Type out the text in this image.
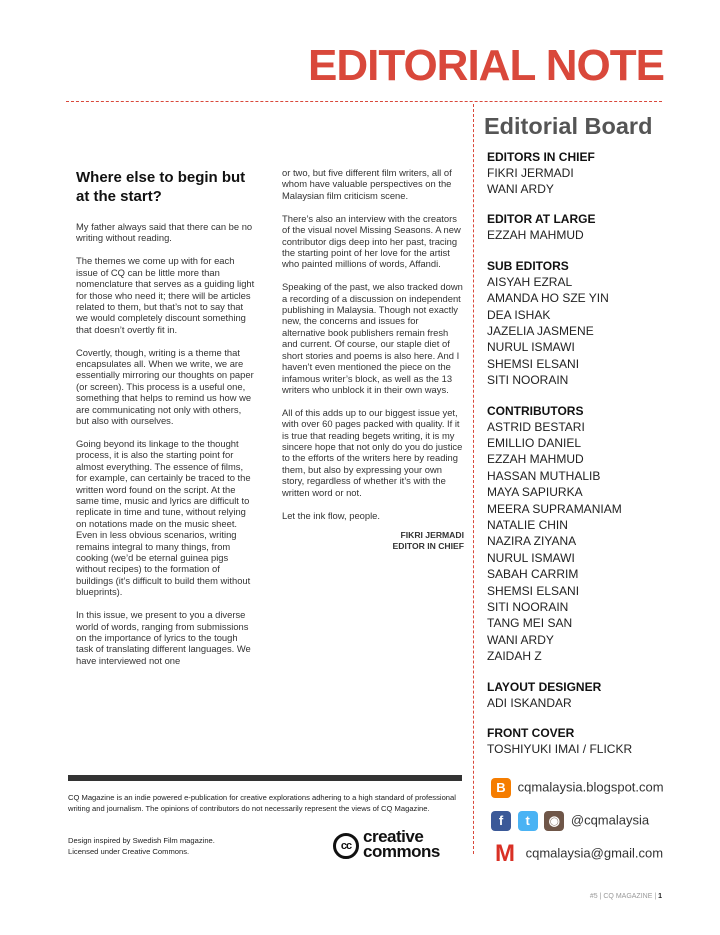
EDITORIAL NOTE
Where else to begin but at the start?

My father always said that there can be no writing without reading.

The themes we come up with for each issue of CQ can be little more than nomenclature that serves as a guiding light for those who need it; there will be articles related to them, but that’s not to say that we would completely discount something that doesn’t overtly fit in.

Covertly, though, writing is a theme that encapsulates all. When we write, we are essentially mirroring our thoughts on paper (or screen). This process is a useful one, something that helps to remind us how we are communicating not only with others, but also with ourselves.

Going beyond its linkage to the thought process, it is also the starting point for almost everything. The essence of films, for example, can certainly be traced to the written word found on the script. At the same time, music and lyrics are difficult to replicate in time and tune, without relying on notations made on the music sheet. Even in less obvious scenarios, writing remains integral to many things, from cooking (we’d be eternal guinea pigs without recipes) to the formation of buildings (it’s difficult to build them without blueprints).

In this issue, we present to you a diverse world of words, ranging from submissions on the importance of lyrics to the tough task of translating different languages. We have interviewed not one

or two, but five different film writers, all of whom have valuable perspectives on the Malaysian film criticism scene.

There’s also an interview with the creators of the visual novel Missing Seasons. A new contributor digs deep into her past, tracing the starting point of her love for the artist who painted millions of words, Affandi.

Speaking of the past, we also tracked down a recording of a discussion on independent publishing in Malaysia. Though not exactly new, the concerns and issues for alternative book publishers remain fresh and current. Of course, our staple diet of short stories and poems is also here. And I haven’t even mentioned the piece on the infamous writer’s block, as well as the 13 writers who unblock it in their own ways.

All of this adds up to our biggest issue yet, with over 60 pages packed with quality. If it is true that reading begets writing, it is my sincere hope that not only do you do justice to the efforts of the writers here by reading them, but also by expressing your own story, regardless of whether it’s with the written word or not.

Let the ink flow, people.

FIKRI JERMADI
EDITOR IN CHIEF
Editorial Board
EDITORS IN CHIEF
FIKRI JERMADI
WANI ARDY
EDITOR AT LARGE
EZZAH MAHMUD
SUB EDITORS
AISYAH EZRAL
AMANDA HO SZE YIN
DEA ISHAK
JAZELIA JASMENE
NURUL ISMAWI
SHEMSI ELSANI
SITI NOORAIN
CONTRIBUTORS
ASTRID BESTARI
EMILLIO DANIEL
EZZAH MAHMUD
HASSAN MUTHALIB
MAYA SAPIURKA
MEERA SUPRAMANIAM
NATALIE CHIN
NAZIRA ZIYANA
NURUL ISMAWI
SABAH CARRIM
SHEMSI ELSANI
SITI NOORAIN
TANG MEI SAN
WANI ARDY
ZAIDAH Z
LAYOUT DESIGNER
ADI ISKANDAR
FRONT COVER
TOSHIYUKI IMAI / FLICKR
CQ Magazine is an indie powered e-publication for creative explorations adhering to a high standard of professional writing and journalism. The opinions of contributors do not necessarily represent the views of CQ Magazine.
Design inspired by Swedish Film magazine.
Licensed under Creative Commons.	cc creative
commons
B cqmalaysia.blogspot.com
f t ◉ @cqmalaysia
M cqmalaysia@gmail.com
#5 | CQ MAGAZINE | 1
